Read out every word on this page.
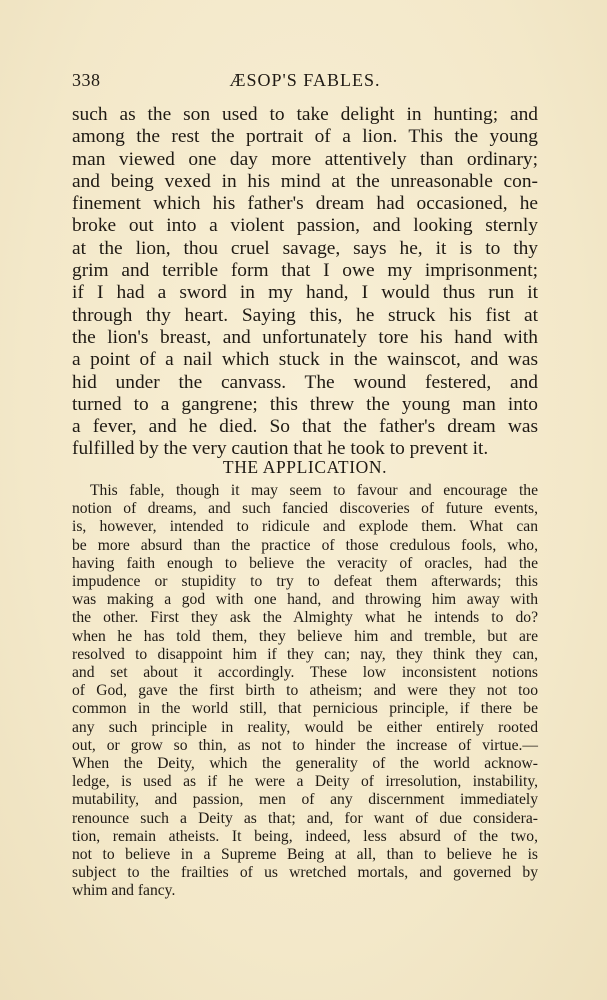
338	ÆSOP'S FABLES.
such as the son used to take delight in hunting; and
among the rest the portrait of a lion. This the young
man viewed one day more attentively than ordinary;
and being vexed in his mind at the unreasonable con-
finement which his father's dream had occasioned, he
broke out into a violent passion, and looking sternly
at the lion, thou cruel savage, says he, it is to thy
grim and terrible form that I owe my imprisonment;
if I had a sword in my hand, I would thus run it
through thy heart. Saying this, he struck his fist at
the lion's breast, and unfortunately tore his hand with
a point of a nail which stuck in the wainscot, and was
hid under the canvass. The wound festered, and
turned to a gangrene; this threw the young man into
a fever, and he died. So that the father's dream was
fulfilled by the very caution that he took to prevent it.
THE APPLICATION.
This fable, though it may seem to favour and encourage the
notion of dreams, and such fancied discoveries of future events,
is, however, intended to ridicule and explode them. What can
be more absurd than the practice of those credulous fools, who,
having faith enough to believe the veracity of oracles, had the
impudence or stupidity to try to defeat them afterwards; this
was making a god with one hand, and throwing him away with
the other. First they ask the Almighty what he intends to do?
when he has told them, they believe him and tremble, but are
resolved to disappoint him if they can; nay, they think they can,
and set about it accordingly. These low inconsistent notions
of God, gave the first birth to atheism; and were they not too
common in the world still, that pernicious principle, if there be
any such principle in reality, would be either entirely rooted
out, or grow so thin, as not to hinder the increase of virtue.—
When the Deity, which the generality of the world acknow-
ledge, is used as if he were a Deity of irresolution, instability,
mutability, and passion, men of any discernment immediately
renounce such a Deity as that; and, for want of due considera-
tion, remain atheists. It being, indeed, less absurd of the two,
not to believe in a Supreme Being at all, than to believe he is
subject to the frailties of us wretched mortals, and governed by
whim and fancy.
